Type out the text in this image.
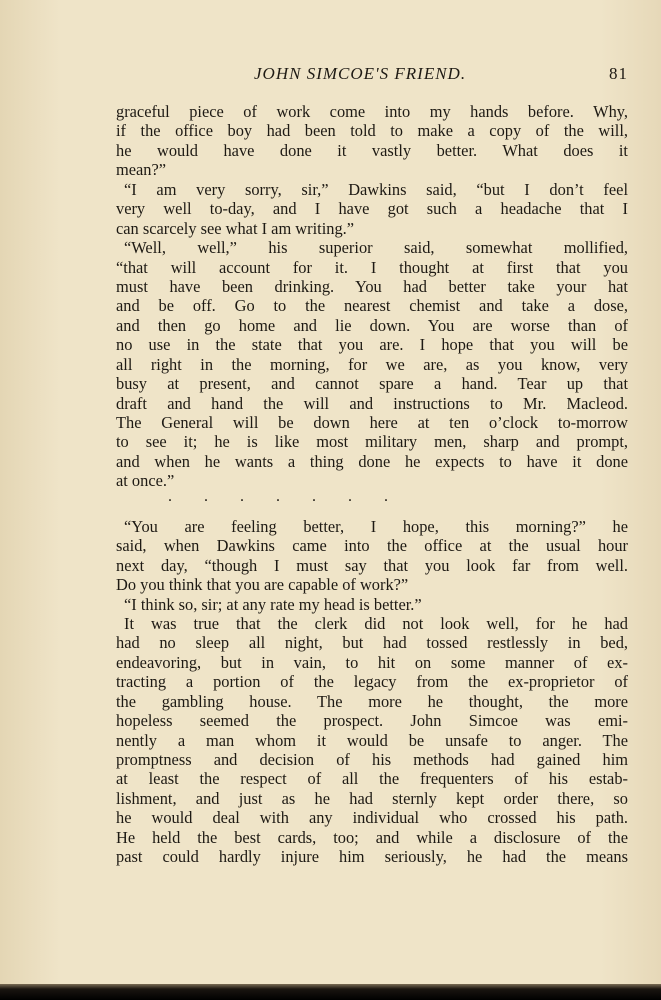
JOHN SIMCOE'S FRIEND.	81
graceful piece of work come into my hands before. Why,
if the office boy had been told to make a copy of the will,
he would have done it vastly better. What does it
mean?”
“I am very sorry, sir,” Dawkins said, “but I don’t feel
very well to-day, and I have got such a headache that I
can scarcely see what I am writing.”
“Well, well,” his superior said, somewhat mollified,
“that will account for it. I thought at first that you
must have been drinking. You had better take your hat
and be off. Go to the nearest chemist and take a dose,
and then go home and lie down. You are worse than of
no use in the state that you are. I hope that you will be
all right in the morning, for we are, as you know, very
busy at present, and cannot spare a hand. Tear up that
draft and hand the will and instructions to Mr. Macleod.
The General will be down here at ten o’clock to-morrow
to see it; he is like most military men, sharp and prompt,
and when he wants a thing done he expects to have it done
at once.”
. . . . . . .
“You are feeling better, I hope, this morning?” he
said, when Dawkins came into the office at the usual hour
next day, “though I must say that you look far from well.
Do you think that you are capable of work?”
“I think so, sir; at any rate my head is better.”
It was true that the clerk did not look well, for he had
had no sleep all night, but had tossed restlessly in bed,
endeavoring, but in vain, to hit on some manner of ex-
tracting a portion of the legacy from the ex-proprietor of
the gambling house. The more he thought, the more
hopeless seemed the prospect. John Simcoe was emi-
nently a man whom it would be unsafe to anger. The
promptness and decision of his methods had gained him
at least the respect of all the frequenters of his estab-
lishment, and just as he had sternly kept order there, so
he would deal with any individual who crossed his path.
He held the best cards, too; and while a disclosure of the
past could hardly injure him seriously, he had the means
